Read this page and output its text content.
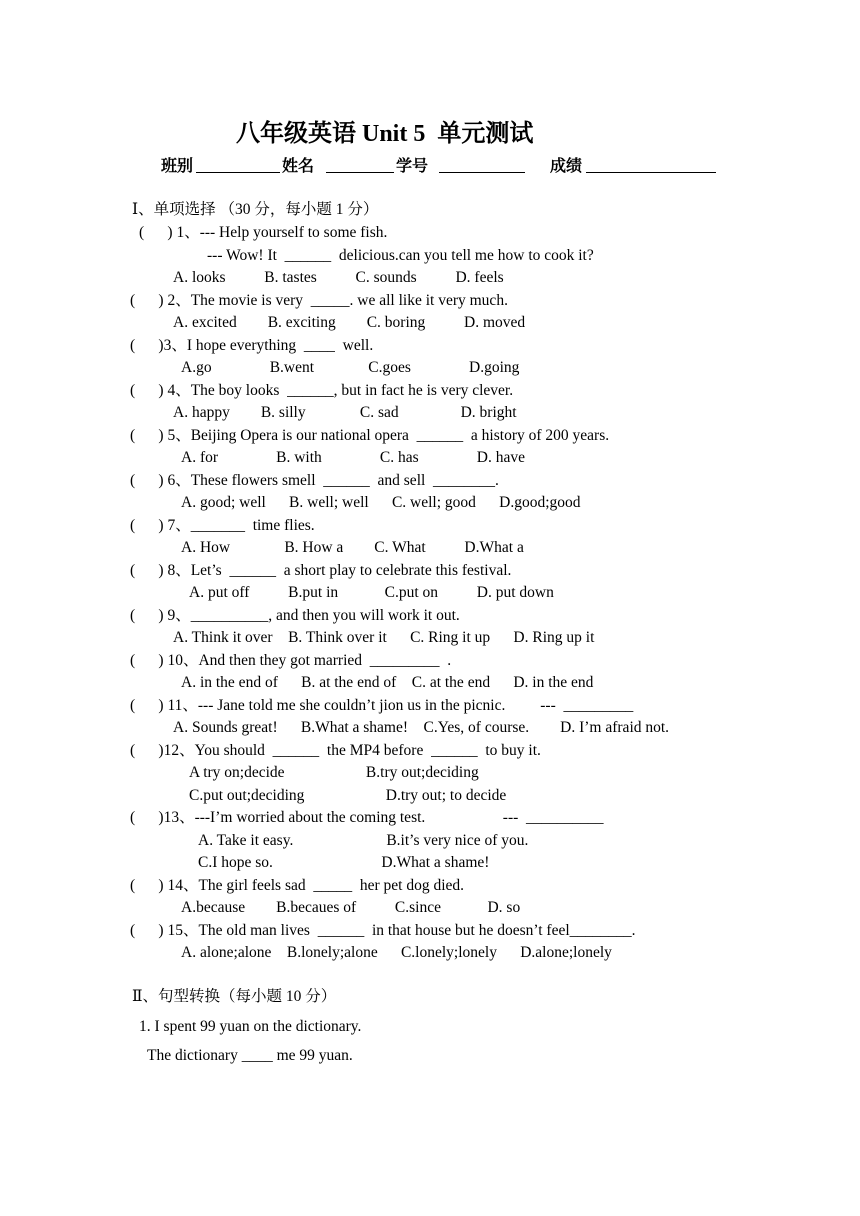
八年级英语 Unit 5  单元测试
班别	姓名	学号	成绩
Ⅰ、单项选择 （30 分，每小题 1 分）
(      ) 1、--- Help yourself to some fish.
--- Wow! It  ______  delicious.can you tell me how to cook it?
A. looks          B. tastes          C. sounds          D. feels
(      ) 2、The movie is very  _____. we all like it very much.
A. excited        B. exciting        C. boring          D. moved
(      )3、I hope everything  ____  well.
A.go               B.went              C.goes               D.going
(      ) 4、The boy looks  ______, but in fact he is very clever.
A. happy        B. silly              C. sad                D. bright
(      ) 5、Beijing Opera is our national opera  ______  a history of 200 years.
A. for               B. with               C. has               D. have
(      ) 6、These flowers smell  ______  and sell  ________.
A. good; well      B. well; well      C. well; good      D.good;good
(      ) 7、_______  time flies.
A. How              B. How a        C. What          D.What a
(      ) 8、Let’s  ______  a short play to celebrate this festival.
A. put off          B.put in            C.put on          D. put down
(      ) 9、__________, and then you will work it out.
A. Think it over    B. Think over it      C. Ring it up      D. Ring up it
(      ) 10、And then they got married  _________  .
A. in the end of      B. at the end of    C. at the end      D. in the end
(      ) 11、--- Jane told me she couldn’t jion us in the picnic.         ---  _________
A. Sounds great!      B.What a shame!    C.Yes, of course.        D. I’m afraid not.
(      )12、You should  ______  the MP4 before  ______  to buy it.
A try on;decide                     B.try out;deciding
C.put out;deciding                     D.try out; to decide
(      )13、---I’m worried about the coming test.                    ---  __________
A. Take it easy.                        B.it’s very nice of you.
C.I hope so.                            D.What a shame!
(      ) 14、The girl feels sad  _____  her pet dog died.
A.because        B.becaues of          C.since            D. so
(      ) 15、The old man lives  ______  in that house but he doesn’t feel________.
A. alone;alone    B.lonely;alone      C.lonely;lonely      D.alone;lonely
Ⅱ、句型转换（每小题 10 分）
1. I spent 99 yuan on the dictionary.
The dictionary ____ me 99 yuan.
